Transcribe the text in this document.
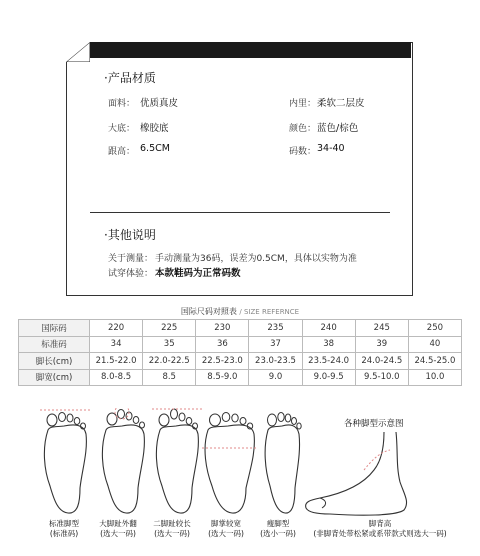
·产品材质
面料： 优质真皮	内里： 柔软二层皮
大底： 橡胶底	颜色： 蓝色/棕色
跟高： 6.5CM	码数： 34-40
·其他说明
关于测量： 手动测量为36码，误差为0.5CM，具体以实物为准
试穿体验： 本款鞋码为正常码数
国际尺码对照表 / SIZE REFERNCE
国际码	220	225	230	235	240	245	250
标准码	34	35	36	37	38	39	40
脚长(cm)	21.5-22.0	22.0-22.5	22.5-23.0	23.0-23.5	23.5-24.0	24.0-24.5	24.5-25.0
脚宽(cm)	8.0-8.5	8.5	8.5-9.0	9.0	9.0-9.5	9.5-10.0	10.0
标准脚型
(标准码)
大脚趾外翻
(选大一码)
二脚趾较长
(选大一码)
脚掌较宽
(选大一码)
瘦脚型
(选小一码)
各种脚型示意图
脚背高
(非脚背处带松紧或系带款式则选大一码)
